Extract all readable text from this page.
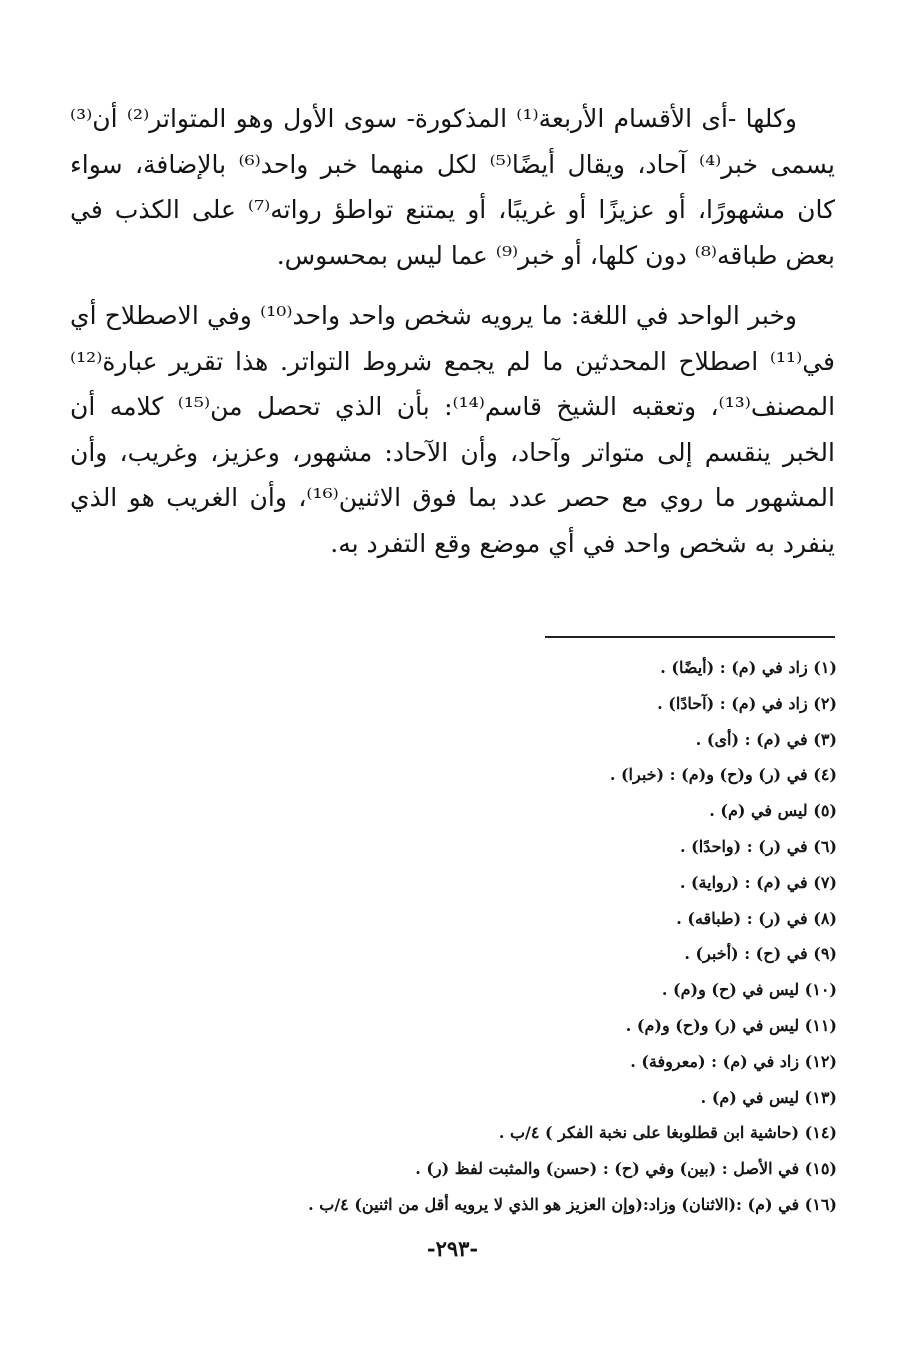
وكلها -أى الأقسام الأربعة⁽¹⁾ المذكورة- سوى الأول وهو المتواتر⁽²⁾ أن⁽³⁾ يسمى خبر⁽⁴⁾ آحاد، ويقال أيضًا⁽⁵⁾ لكل منهما خبر واحد⁽⁶⁾ بالإضافة، سواء كان مشهورًا، أو عزيزًا أو غريبًا، أو يمتنع تواطؤ رواته⁽⁷⁾ على الكذب في بعض طباقه⁽⁸⁾ دون كلها، أو خبر⁽⁹⁾ عما ليس بمحسوس.

وخبر الواحد في اللغة: ما يرويه شخص واحد واحد⁽¹⁰⁾ وفي الاصطلاح أي في⁽¹¹⁾ اصطلاح المحدثين ما لم يجمع شروط التواتر. هذا تقرير عبارة⁽¹²⁾ المصنف⁽¹³⁾، وتعقبه الشيخ قاسم⁽¹⁴⁾: بأن الذي تحصل من⁽¹⁵⁾ كلامه أن الخبر ينقسم إلى متواتر وآحاد، وأن الآحاد: مشهور، وعزيز، وغريب، وأن المشهور ما روي مع حصر عدد بما فوق الاثنين⁽¹⁶⁾، وأن الغريب هو الذي ينفرد به شخص واحد في أي موضع وقع التفرد به.

(١) زاد في (م) : (أيضًا) .
(٢) زاد في (م) : (آحادًا) .
(٣) في (م) : (أى) .
(٤) في (ر) و(ح) و(م) : (خبرا) .
(٥) ليس في (م) .
(٦) في (ر) : (واحدًا) .
(٧) في (م) : (رواية) .
(٨) في (ر) : (طباقه) .
(٩) في (ح) : (أخبر) .
(١٠) ليس في (ح) و(م) .
(١١) ليس في (ر) و(ح) و(م) .
(١٢) زاد في (م) : (معروفة) .
(١٣) ليس في (م) .
(١٤) (حاشية ابن قطلوبغا على نخبة الفكر ) ٤/ب .
(١٥) في الأصل : (بين) وفي (ح) : (حسن) والمثبت لفظ (ر) .
(١٦) في (م) :(الاثنان) وزاد:(وإن العزيز هو الذي لا يرويه أقل من اثنين) ٤/ب .
-٢٩٣-
